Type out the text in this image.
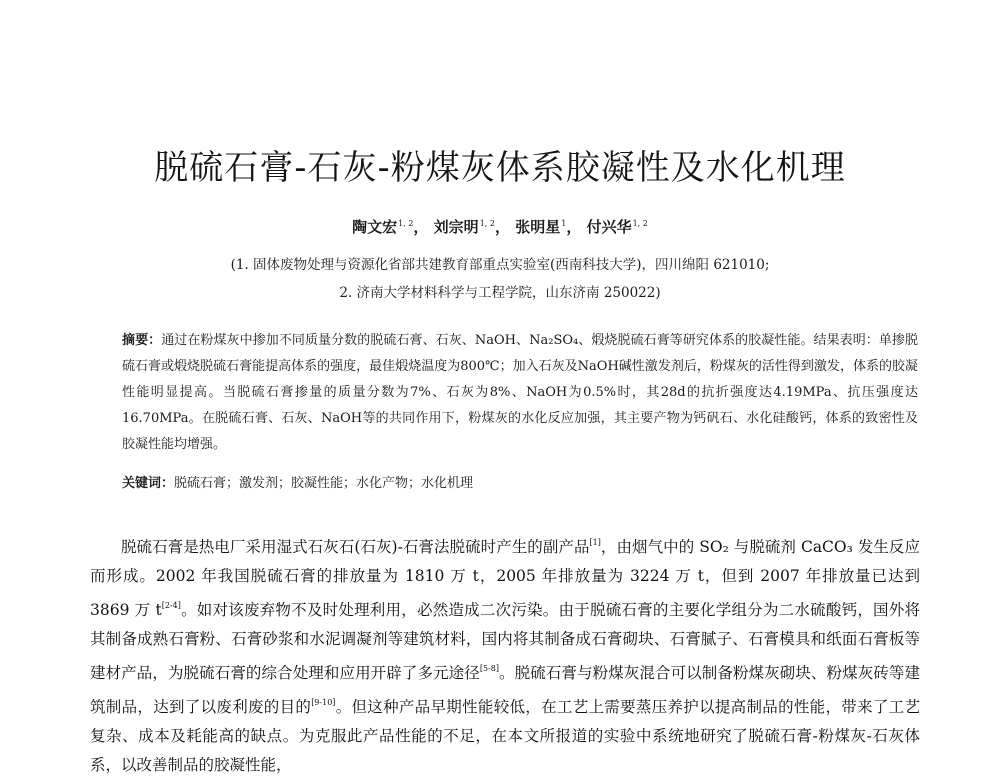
脱硫石膏-石灰-粉煤灰体系胶凝性及水化机理
陶文宏$^{1, 2}$， 刘宗明$^{1, 2}$， 张明星$^1$， 付兴华$^{1, 2}$
(1. 固体废物处理与资源化省部共建教育部重点实验室(西南科技大学)，四川绵阳 621010;
2. 济南大学材料科学与工程学院，山东济南 250022)
摘要：通过在粉煤灰中掺加不同质量分数的脱硫石膏、石灰、NaOH、Na₂SO₄、煅烧脱硫石膏等研究体系的胶凝性能。结果表明：单掺脱硫石膏或煅烧脱硫石膏能提高体系的强度，最佳煅烧温度为800℃；加入石灰及NaOH碱性激发剂后，粉煤灰的活性得到激发，体系的胶凝性能明显提高。当脱硫石膏掺量的质量分数为7%、石灰为8%、NaOH为0.5%时，其28d的抗折强度达4.19MPa、抗压强度达16.70MPa。在脱硫石膏、石灰、NaOH等的共同作用下，粉煤灰的水化反应加强，其主要产物为钙矾石、水化硅酸钙，体系的致密性及胶凝性能均增强。
关键词：脱硫石膏；激发剂；胶凝性能；水化产物；水化机理
脱硫石膏是热电厂采用湿式石灰石(石灰)-石膏法脱硫时产生的副产品[1]，由烟气中的 SO₂ 与脱硫剂 CaCO₃ 发生反应而形成。2002 年我国脱硫石膏的排放量为 1810 万 t，2005 年排放量为 3224 万 t，但到 2007 年排放量已达到 3869 万 t[2-4]。如对该废弃物不及时处理利用，必然造成二次污染。由于脱硫石膏的主要化学组分为二水硫酸钙，国外将其制备成熟石膏粉、石膏砂浆和水泥调凝剂等建筑材料，国内将其制备成石膏砌块、石膏腻子、石膏模具和纸面石膏板等建材产品，为脱硫石膏的综合处理和应用开辟了多元途径[5-8]。脱硫石膏与粉煤灰混合可以制备粉煤灰砌块、粉煤灰砖等建筑制品，达到了以废利废的目的[9-10]。但这种产品早期性能较低，在工艺上需要蒸压养护以提高制品的性能，带来了工艺复杂、成本及耗能高的缺点。为克服此产品性能的不足，在本文所报道的实验中系统地研究了脱硫石膏-粉煤灰-石灰体系，以改善制品的胶凝性能，
